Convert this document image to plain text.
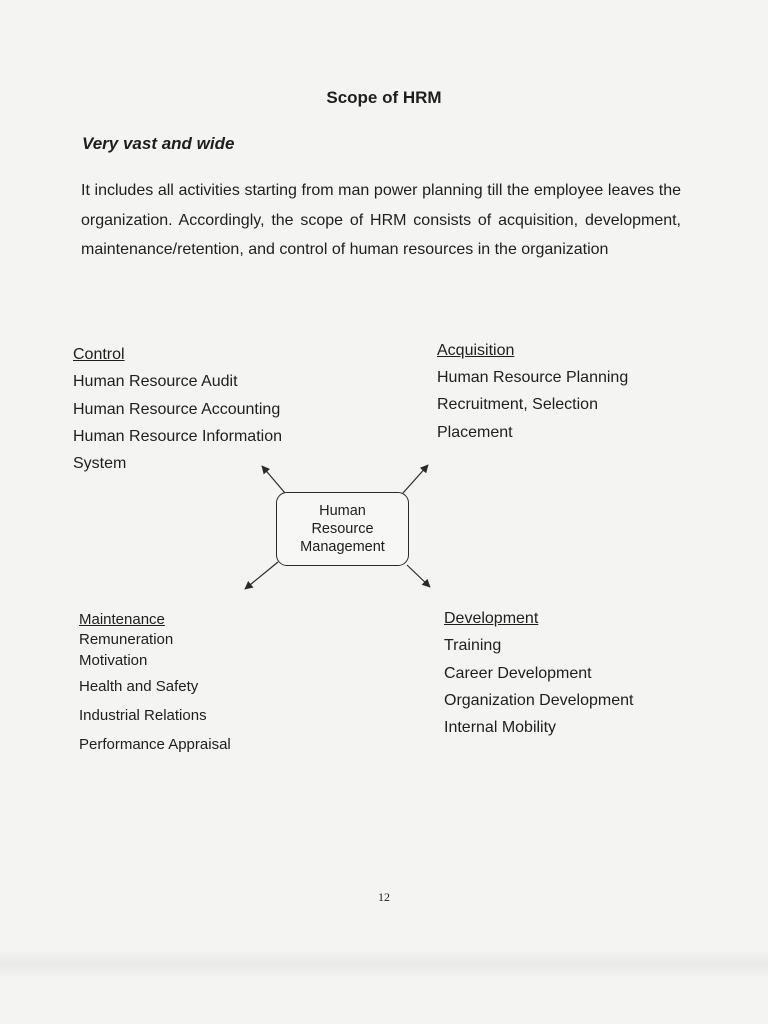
Scope of HRM
Very vast and wide

It includes all activities starting from man power planning till the employee leaves the organization. Accordingly, the scope of HRM consists of acquisition, development, maintenance/retention, and control of human resources in the organization

Control
Human Resource Audit
Human Resource Accounting
Human Resource Information
System
Acquisition
Human Resource Planning
Recruitment, Selection
Placement
Human
Resource
Management
Maintenance
Remuneration
Motivation
Health and Safety
Industrial Relations
Performance Appraisal
Development
Training
Career Development
Organization Development
Internal Mobility
12
